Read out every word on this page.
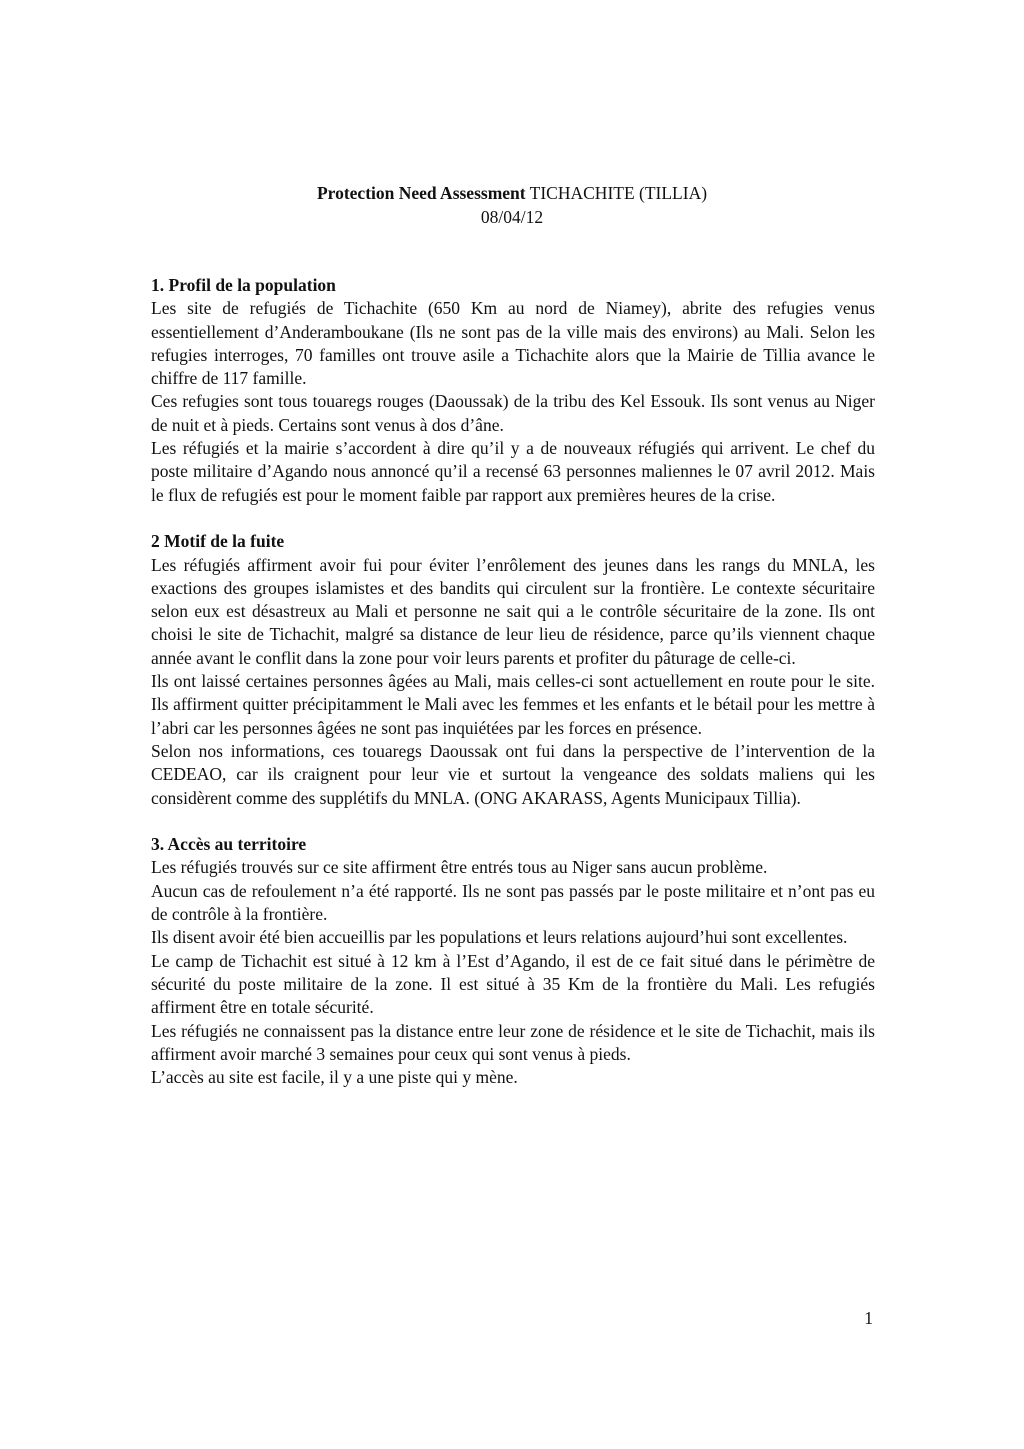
Protection Need Assessment TICHACHITE (TILLIA)
08/04/12

1. Profil de la population

Les site de refugiés de Tichachite (650 Km au nord de Niamey), abrite des refugies venus essentiellement d’Anderamboukane (Ils ne sont pas de la ville mais des environs) au Mali. Selon les refugies interroges, 70 familles ont trouve asile a Tichachite alors que la Mairie de Tillia avance le chiffre de 117 famille.

Ces refugies sont tous touaregs rouges (Daoussak) de la tribu des Kel Essouk. Ils sont venus au Niger de nuit et à pieds. Certains sont venus à dos d’âne.

Les réfugiés et la mairie s’accordent à dire qu’il y a de nouveaux réfugiés qui arrivent. Le chef du poste militaire d’Agando nous annoncé qu’il a recensé 63 personnes maliennes le 07 avril 2012. Mais le flux de refugiés est pour le moment faible par rapport aux premières heures de la crise.

2 Motif de la fuite

Les réfugiés affirment avoir fui pour éviter l’enrôlement des jeunes dans les rangs du MNLA, les exactions des groupes islamistes et des bandits qui circulent sur la frontière. Le contexte sécuritaire selon eux est désastreux au Mali et personne ne sait qui a le contrôle sécuritaire de la zone. Ils ont choisi le site de Tichachit, malgré sa distance de leur lieu de résidence, parce qu’ils viennent chaque année avant le conflit dans la zone pour voir leurs parents et profiter du pâturage de celle-ci.

Ils ont laissé certaines personnes âgées au Mali, mais celles-ci sont actuellement en route pour le site. Ils affirment quitter précipitamment le Mali avec les femmes et les enfants et le bétail pour les mettre à l’abri car les personnes âgées ne sont pas inquiétées par les forces en présence.

Selon nos informations, ces touaregs Daoussak ont fui dans la perspective de l’intervention de la CEDEAO, car ils craignent pour leur vie et surtout la vengeance des soldats maliens qui les considèrent comme des supplétifs du MNLA. (ONG AKARASS, Agents Municipaux Tillia).

3. Accès au territoire

Les réfugiés trouvés sur ce site affirment être entrés tous au Niger sans aucun problème.

Aucun cas de refoulement n’a été rapporté. Ils ne sont pas passés par le poste militaire et n’ont pas eu de contrôle à la frontière.

Ils disent avoir été bien accueillis par les populations et leurs relations aujourd’hui sont excellentes.

Le camp de Tichachit est situé à 12 km à l’Est d’Agando, il est de ce fait situé dans le périmètre de sécurité du poste militaire de la zone. Il est situé à 35 Km de la frontière du Mali. Les refugiés affirment être en totale sécurité.

Les réfugiés ne connaissent pas la distance entre leur zone de résidence et le site de Tichachit, mais ils affirment avoir marché 3 semaines pour ceux qui sont venus à pieds.

L’accès au site est facile, il y a une piste qui y mène.

1
